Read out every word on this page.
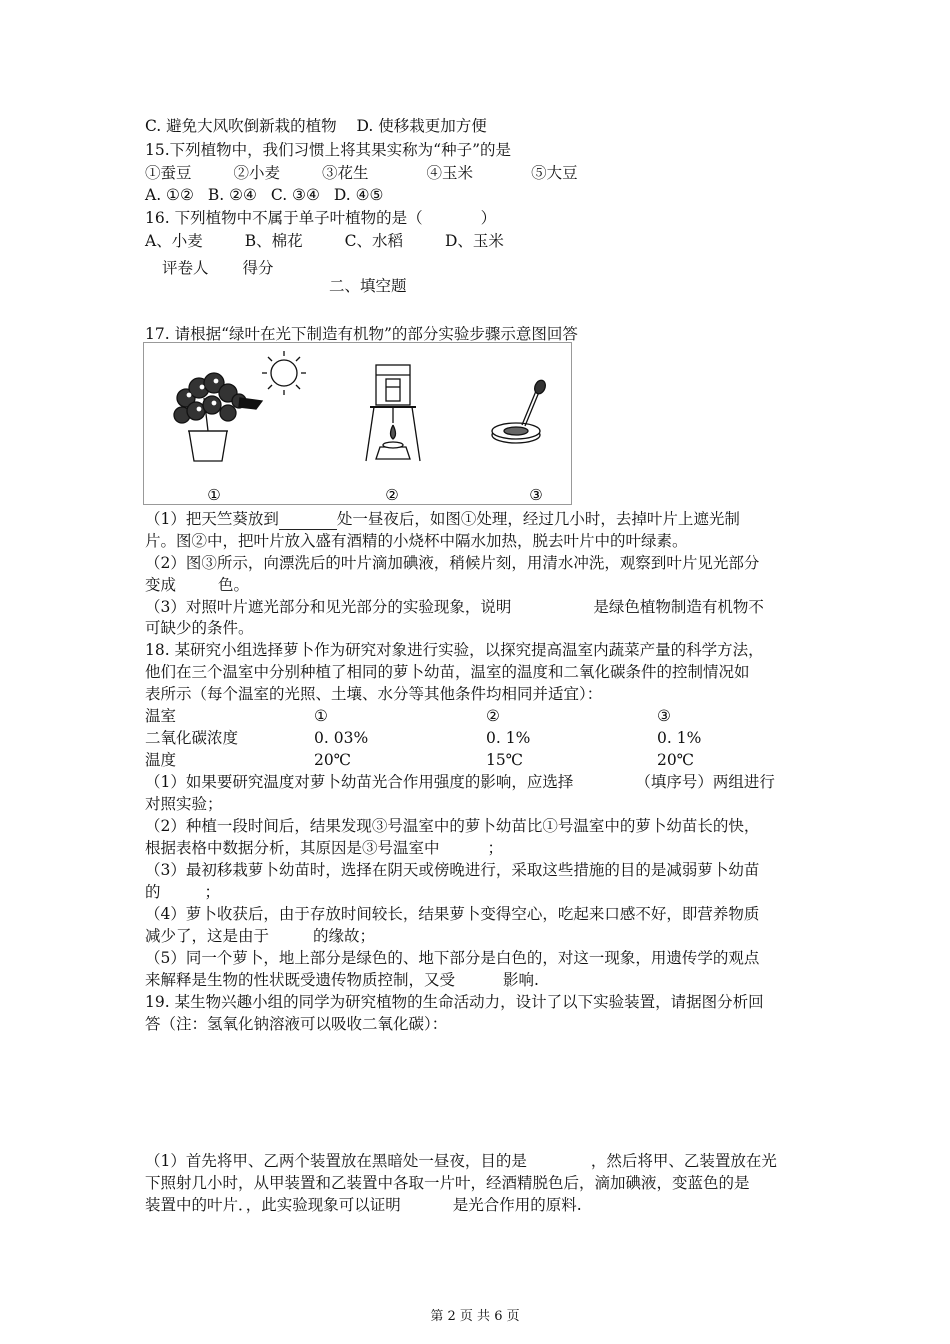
C. 避免大风吹倒新栽的植物 D. 使移栽更加方便
15.下列植物中，我们习惯上将其果实称为“种子”的是
①蚕豆	②小麦	③花生	④玉米	⑤大豆
A. ①② B. ②④ C. ③④ D. ④⑤
16. 下列植物中不属于单子叶植物的是（	）
A、小麦	B、棉花	C、水稻	D、玉米
评卷人 得分
二、填空题
17. 请根据“绿叶在光下制造有机物”的部分实验步骤示意图回答
①	②	③
（1）把天竺葵放到	处一昼夜后，如图①处理，经过几小时，去掉叶片上遮光制
片。图②中，把叶片放入盛有酒精的小烧杯中隔水加热，脱去叶片中的叶绿素。
（2）图③所示，向漂洗后的叶片滴加碘液，稍候片刻，用清水冲洗，观察到叶片见光部分
变成	色。
（3）对照叶片遮光部分和见光部分的实验现象，说明	是绿色植物制造有机物不
可缺少的条件。
18. 某研究小组选择萝卜作为研究对象进行实验，以探究提高温室内蔬菜产量的科学方法，
他们在三个温室中分别种植了相同的萝卜幼苗，温室的温度和二氧化碳条件的控制情况如
表所示（每个温室的光照、土壤、水分等其他条件均相同并适宜）：
温室	①	②	③
二氧化碳浓度	0. 03%	0. 1%	0. 1%
温度	20℃	15℃	20℃
（1）如果要研究温度对萝卜幼苗光合作用强度的影响，应选择	（填序号）两组进行
对照实验；
（2）种植一段时间后，结果发现③号温室中的萝卜幼苗比①号温室中的萝卜幼苗长的快，
根据表格中数据分析，其原因是③号温室中	；
（3）最初移栽萝卜幼苗时，选择在阴天或傍晚进行，采取这些措施的目的是减弱萝卜幼苗
的	；
（4）萝卜收获后，由于存放时间较长，结果萝卜变得空心，吃起来口感不好，即营养物质
减少了，这是由于	的缘故；
（5）同一个萝卜，地上部分是绿色的、地下部分是白色的，对这一现象，用遗传学的观点
来解释是生物的性状既受遗传物质控制，又受	影响.
19. 某生物兴趣小组的同学为研究植物的生命活动力，设计了以下实验装置，请据图分析回
答（注：氢氧化钠溶液可以吸收二氧化碳）：
（1）首先将甲、乙两个装置放在黑暗处一昼夜，目的是	，然后将甲、乙装置放在光
下照射几小时，从甲装置和乙装置中各取一片叶，经酒精脱色后，滴加碘液，变蓝色的是
装置中的叶片．，此实验现象可以证明	是光合作用的原料.
第 2 页 共 6 页
